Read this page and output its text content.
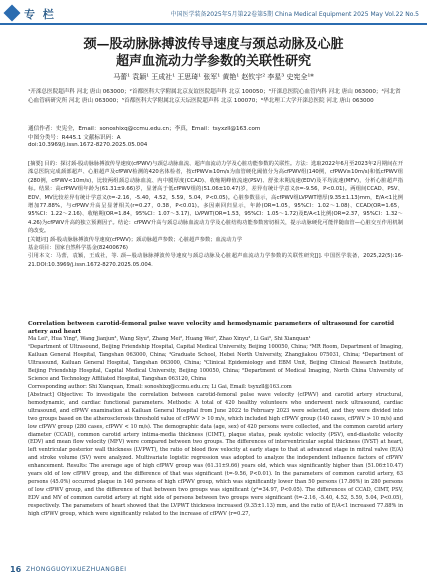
专 栏	中国医学装备2025年5月第22卷第5期 China Medical Equipment 2025 May Vol.22 No.5
颈—股动脉脉搏波传导速度与颈总动脉及心脏
超声血流动力学参数的关联性研究
马蕾¹ 袁颖¹ 王成社¹ 王思琦¹ 张军¹ 黄艳¹ 赵钦宇² 李星³ 史宪全¹*
¹开滦总医院超声科 河北 唐山 063000；²首都医科大学附属北京友谊医院超声科 北京 100050；³开滦总医院心血管内科 河北 唐山 063000；⁴河北省心血管病研究所 河北 唐山 063000；⁵首都医科大学附属北京天坛医院超声科 北京 100070；⁶华北理工大学开滦总医院 河北 唐山 063000
通信作者：史宪全，Email：sonoshixq@ccmu.edu.cn；李真，Email：tsyxzll@163.com
中图分类号：R445.1 文献标识码：A
doi:10.3969/j.issn.1672-8270.2025.05.004
[摘要] 目的：探讨颈-股动脉脉搏波传导速度(cfPWV)与颈总动脉血流、超声血流动力学及心脏功能参数的关联性。方法：选取2022年6月至2023年2月期间在开滦总医院完成颈部超声、心脏超声及cfPWV检测的420名体检者，按cfPWV≥10m/s为血管硬化阈值分为高cfPWV组(140例，cfPWV≥10m/s)和低cfPWV组(280例，cfPWV<10m/s)，比较两组颈总动脉血流、内中膜厚度(CCAD)、收缩期峰值流速(PSV)、舒张末期流速(EDV)及平均流速(MFV)，分析心脏超声指标。结果：高cfPWV组年龄为(61.31±9.66)岁，显著高于低cfPWV组的(51.06±10.47)岁，差异有统计学意义(t=-9.56，P<0.01)。两组间CCAD、PSV、EDV、MV比较差异有统计学意义(t=-2.16，-5.40，4.52，5.59，5.04，P<0.05)。心脏参数显示，高cfPWV组LVPWT增厚(9.35±1.13)mm，E/A<1比例增加77.88%，与cfPWV升高呈显著相关(r=0.27，0.38，P<0.01)。多因素回归显示，年龄(OR=1.05，95%CI：1.02～1.08)、CCAD(OR=1.65，95%CI：1.22～2.16)、收缩期(OR=1.84，95%CI：1.07～3.17)、LVPWT(OR=1.53，95%CI：1.05～1.72)及E/A<1比例(OR=2.37，95%CI：1.32～4.26)为cfPWV升高的独立预测因子。结论：cfPWV升高与颈总动脉血流动力学及心脏结构功能参数密切相关，提示动脉硬化可能伴随血管—心脏交互作用机制的改变。
[关键词] 颈-股动脉脉搏波传导速度(cfPWV)；颈动脉超声参数；心脏超声参数；血流动力学
基金项目：国家自然科学基金(82400676)
引用本文：马蕾，袁颖，王成社，等. 颈—股动脉脉搏波传导速度与颈总动脉及心脏超声血流动力学参数的关联性研究[J]. 中国医学装备，2025,22(5):16-21.DOI:10.3969/j.issn.1672-8270.2025.05.004.
Correlation between carotid-femoral pulse wave velocity and hemodynamic parameters of ultrasound for carotid artery and heart
Ma Lei¹, Hua Ying², Wang Jianjun³, Wang Siyu², Zhang Mei², Huang Wei², Zhao Xinyu², Li Gai³, Shi Xianquan¹
¹Department of Ultrasound, Beijing Friendship Hospital, Capital Medical University, Beijing 100050, China; ²MR Room, Department of Imaging, Kailuan General Hospital, Tangshan 063000, China; ³Graduate School, Hebei North University, Zhangjiakou 075031, China; ⁴Department of Ultrasound, Kailuan General Hospital, Tangshan 063000, China; ⁵Clinical Epidemiology and EBM Unit, Beijing Clinical Research Institute, Beijing Friendship Hospital, Capital Medical University, Beijing 100050, China; ⁶Department of Medical Imaging, North China University of Science and Technology Affiliated Hospital, Tangshan 063120, China
Corresponding author: Shi Xianquan, Email: sonoshixq@ccmu.edu.cn; Li Gai, Email: tsyxzll@163.com
[Abstract] Objective: To investigate the correlation between carotid-femoral pulse wave velocity (cfPWV) and carotid artery structural, hemodynamic, and cardiac functional parameters. Methods: A total of 420 healthy volunteers who underwent neck ultrasound, cardiac ultrasound, and cfPWV examination at Kailuan General Hospital from June 2022 to February 2023 were selected, and they were divided into two groups based on the atherosclerosis threshold value of cfPWV > 10 m/s, which included high cfPWV group (140 cases, cfPWV > 10 m/s) and low cfPWV group (280 cases, cfPWV < 10 m/s). The demographic data (age, sex) of 420 persons were collected, and the common carotid artery diameter (CCAD), common carotid artery intima-media thickness (CIMT), plaque status, peak systolic velocity (PSV), end-diastolic velocity (EDV) and mean flow velocity (MFV) were compared between two groups. The differences of interventricular septal thickness (IVST) at heart, left ventricular posterior wall thickness (LVPWT), the ratio of blood flow velocity at early stage to that at advanced stage in mitral valve (E/A) and stroke volume (SV) were analyzed. Multivariate logistic regression was adopted to analyze the independent influence factors of cfPWV enhancement. Results: The average age of high cfPWV group was (61.31±9.66) years old, which was significantly higher than (51.06±10.47) years old of low cfPWV group, and the difference of that was significant (t=-9.56, P<0.01). In the parameters of common carotid artery, 63 persons (45.0%) occurred plaque in 140 persons of high cfPWV group, which was significantly lower than 50 persons (17.86%) in 280 persons of low cfPWV group, and the difference of that between two groups was significant (χ²=34.97, P<0.05). The differences of CCAD, CIMT, PSV, EDV and MV of common carotid artery at right side of persons between two groups were significant (t=-2.16, -5.40, 4.52, 5.59, 5.04, P<0.05), respectively. The parameters of heart showed that the LVPWT thickness increased (9.35±1.13) mm, and the ratio of E/A<1 increased 77.88% in high cfPWV group, which were significantly related to the increase of cfPWV (r=0.27,
16 ZHONGGUOYIXUEZHUANGBEI
